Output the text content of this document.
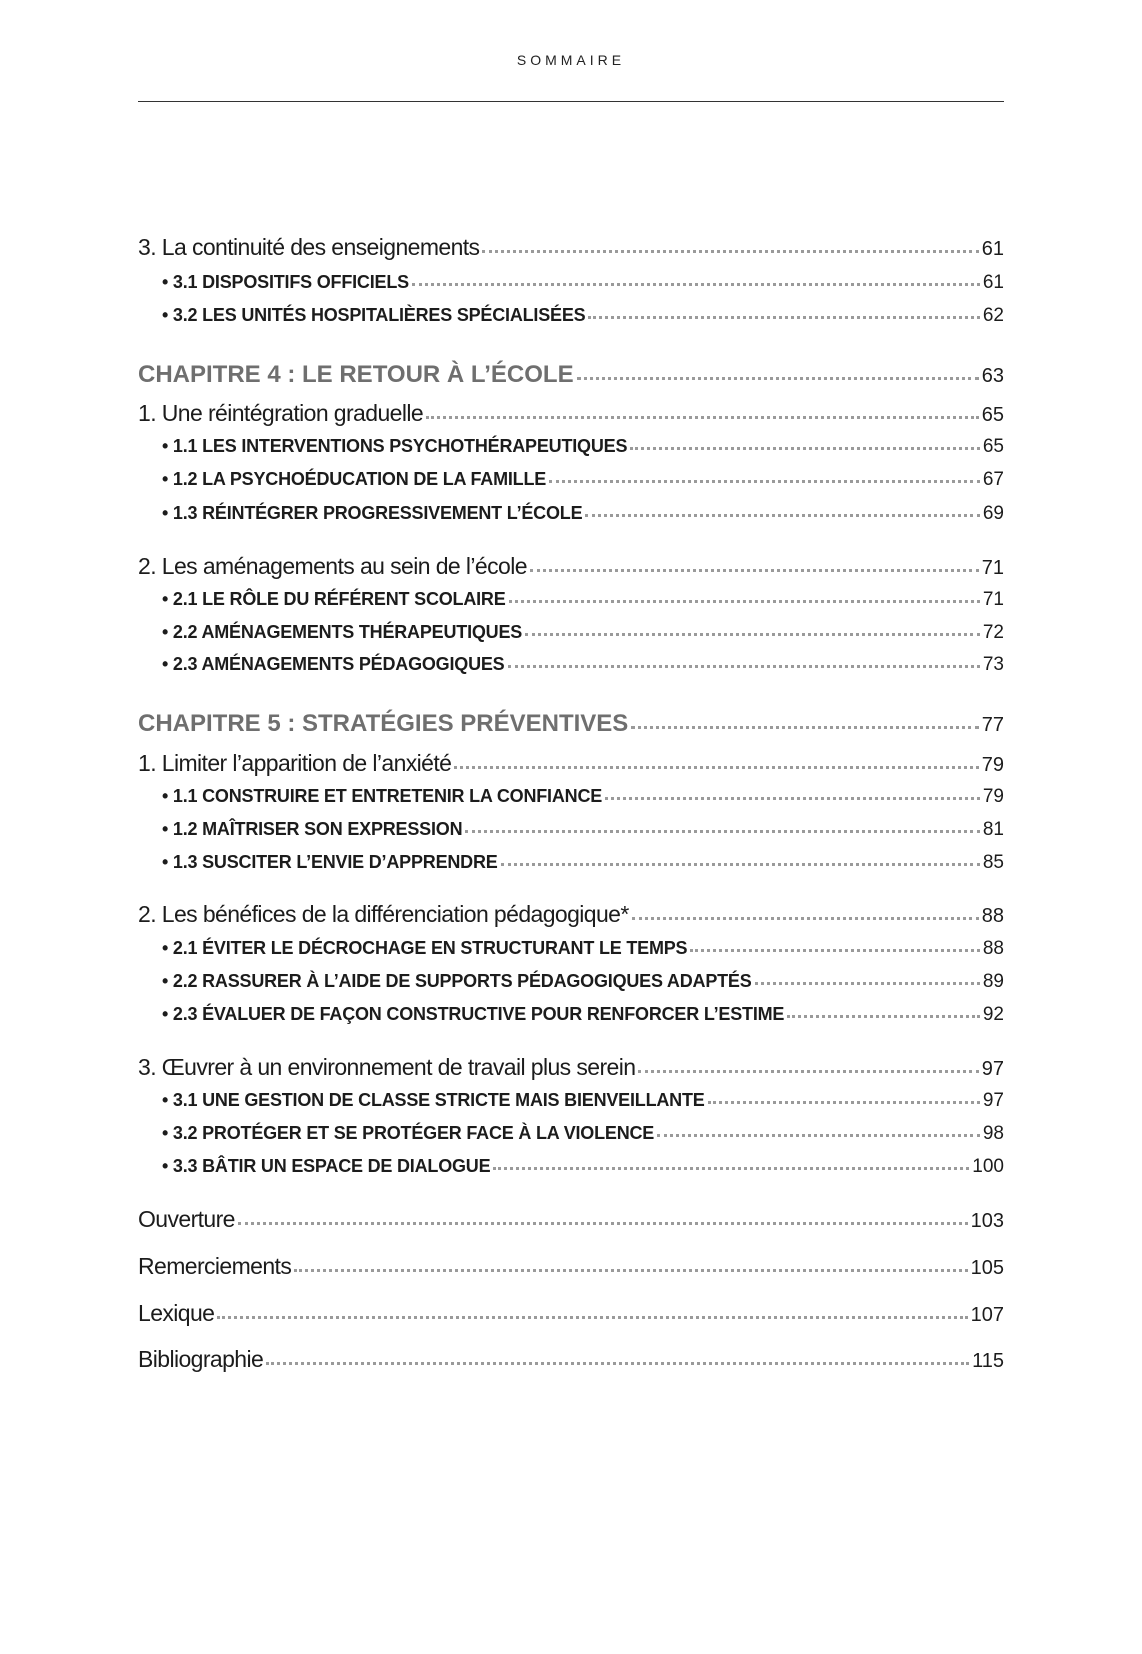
SOMMAIRE
3. La continuité des enseignements	61
• 3.1 DISPOSITIFS OFFICIELS	61
• 3.2 LES UNITÉS HOSPITALIÈRES SPÉCIALISÉES	62
CHAPITRE 4 : LE RETOUR À L’ÉCOLE	63
1. Une réintégration graduelle	65
• 1.1 LES INTERVENTIONS PSYCHOTHÉRAPEUTIQUES	65
• 1.2 LA PSYCHOÉDUCATION DE LA FAMILLE	67
• 1.3 RÉINTÉGRER PROGRESSIVEMENT L’ÉCOLE	69
2. Les aménagements au sein de l’école	71
• 2.1 LE RÔLE DU RÉFÉRENT SCOLAIRE	71
• 2.2 AMÉNAGEMENTS THÉRAPEUTIQUES	72
• 2.3 AMÉNAGEMENTS PÉDAGOGIQUES	73
CHAPITRE 5 : STRATÉGIES PRÉVENTIVES	77
1. Limiter l’apparition de l’anxiété	79
• 1.1 CONSTRUIRE ET ENTRETENIR LA CONFIANCE	79
• 1.2 MAÎTRISER SON EXPRESSION	81
• 1.3 SUSCITER L’ENVIE D’APPRENDRE	85
2. Les bénéfices de la différenciation pédagogique*	88
• 2.1 ÉVITER LE DÉCROCHAGE EN STRUCTURANT LE TEMPS	88
• 2.2 RASSURER À L’AIDE DE SUPPORTS PÉDAGOGIQUES ADAPTÉS	89
• 2.3 ÉVALUER DE FAÇON CONSTRUCTIVE POUR RENFORCER L’ESTIME	92
3. Œuvrer à un environnement de travail plus serein	97
• 3.1 UNE GESTION DE CLASSE STRICTE MAIS BIENVEILLANTE	97
• 3.2 PROTÉGER ET SE PROTÉGER FACE À LA VIOLENCE	98
• 3.3 BÂTIR UN ESPACE DE DIALOGUE	100
Ouverture	103
Remerciements	105
Lexique	107
Bibliographie	115
